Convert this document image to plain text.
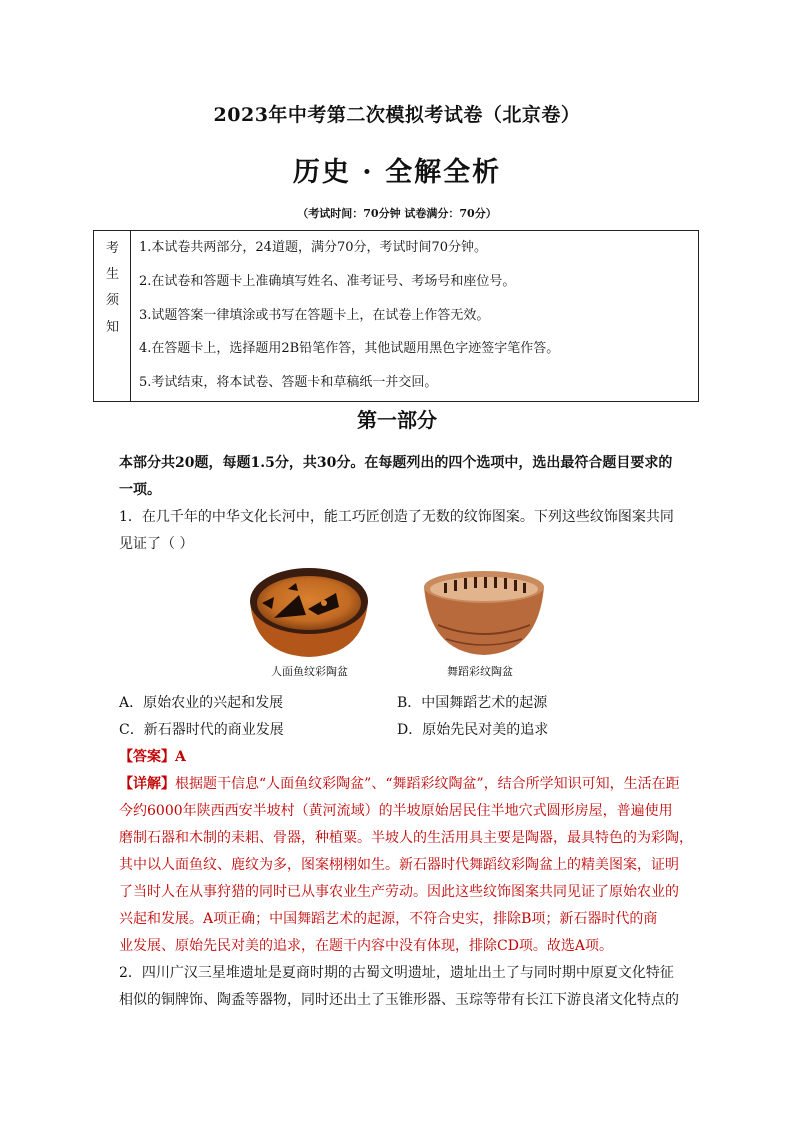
2023年中考第二次模拟考试卷（北京卷）
历史 · 全解全析
（考试时间：70分钟 试卷满分：70分）
考
生
须
知
1.本试卷共两部分，24道题，满分70分，考试时间70分钟。
2.在试卷和答题卡上准确填写姓名、准考证号、考场号和座位号。
3.试题答案一律填涂或书写在答题卡上，在试卷上作答无效。
4.在答题卡上，选择题用2B铅笔作答，其他试题用黑色字迹签字笔作答。
5.考试结束，将本试卷、答题卡和草稿纸一并交回。
第一部分
本部分共20题，每题1.5分，共30分。在每题列出的四个选项中，选出最符合题目要求的
一项。
1．在几千年的中华文化长河中，能工巧匠创造了无数的纹饰图案。下列这些纹饰图案共同
见证了（ ）
人面鱼纹彩陶盆	舞蹈彩纹陶盆
A．原始农业的兴起和发展	B．中国舞蹈艺术的起源
C．新石器时代的商业发展	D．原始先民对美的追求
【答案】A
【详解】根据题干信息“人面鱼纹彩陶盆”、“舞蹈彩纹陶盆”，结合所学知识可知，生活在距
今约6000年陕西西安半坡村（黄河流域）的半坡原始居民住半地穴式圆形房屋，普遍使用
磨制石器和木制的耒耜、骨器，种植粟。半坡人的生活用具主要是陶器，最具特色的为彩陶，
其中以人面鱼纹、鹿纹为多，图案栩栩如生。新石器时代舞蹈纹彩陶盆上的精美图案，证明
了当时人在从事狩猎的同时已从事农业生产劳动。因此这些纹饰图案共同见证了原始农业的
兴起和发展。A项正确；中国舞蹈艺术的起源，不符合史实，排除B项；新石器时代的商
业发展、原始先民对美的追求，在题干内容中没有体现，排除CD项。故选A项。
2．四川广汉三星堆遗址是夏商时期的古蜀文明遗址，遗址出土了与同时期中原夏文化特征
相似的铜牌饰、陶盉等器物，同时还出土了玉锥形器、玉琮等带有长江下游良渚文化特点的
